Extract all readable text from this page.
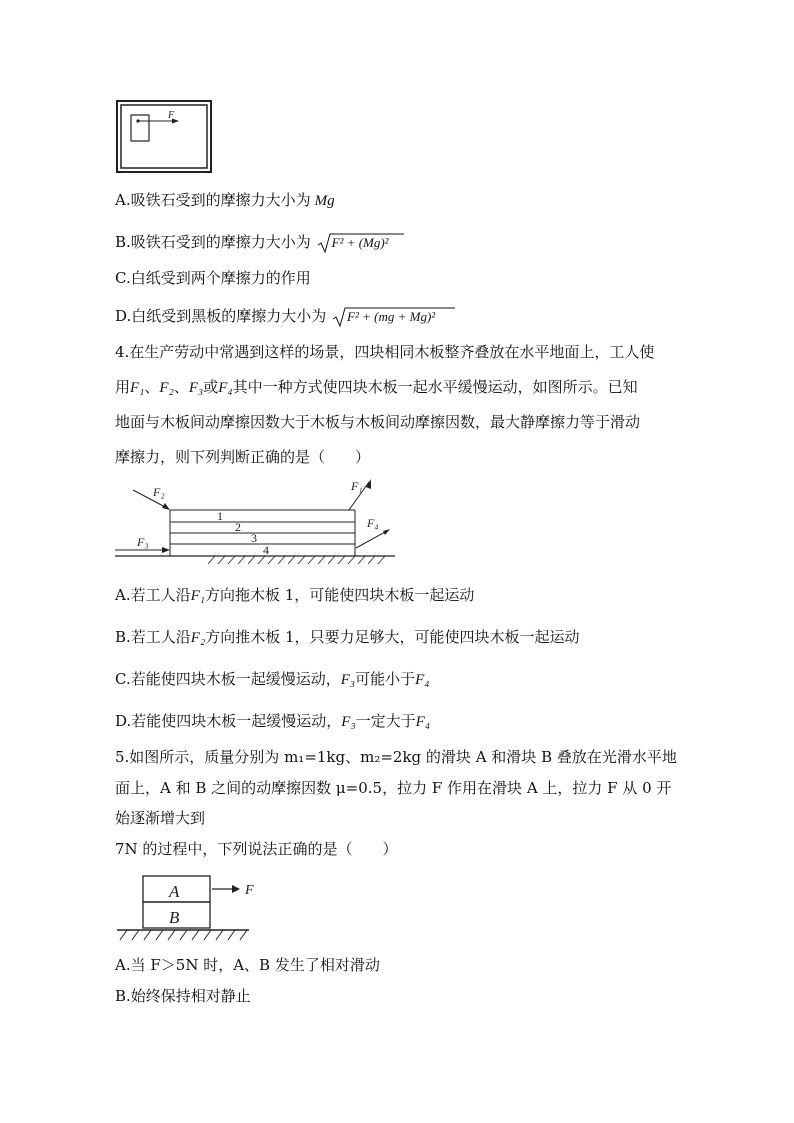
F
A.吸铁石受到的摩擦力大小为 Mg
B.吸铁石受到的摩擦力大小为 F² + (Mg)²
C.白纸受到两个摩擦力的作用
D.白纸受到黑板的摩擦力大小为 F² + (mg + Mg)²
4.在生产劳动中常遇到这样的场景，四块相同木板整齐叠放在水平地面上，工人使
用F₁、F₂、F₃或F₄其中一种方式使四块木板一起水平缓慢运动，如图所示。已知
地面与木板间动摩擦因数大于木板与木板间动摩擦因数，最大静摩擦力等于滑动
摩擦力，则下列判断正确的是（　　）
1
2
3
4
F₂	F₁
F₄
F₃
A.若工人沿F₁方向拖木板 1，可能使四块木板一起运动
B.若工人沿F₂方向推木板 1，只要力足够大，可能使四块木板一起运动
C.若能使四块木板一起缓慢运动，F₃可能小于F₄
D.若能使四块木板一起缓慢运动，F₃一定大于F₄
5.如图所示，质量分别为 m₁=1kg、m₂=2kg 的滑块 A 和滑块 B 叠放在光滑水平地
面上，A 和 B 之间的动摩擦因数 μ=0.5，拉力 F 作用在滑块 A 上，拉力 F 从 0 开
始逐渐增大到
7N 的过程中，下列说法正确的是（　　）
A
B
F
A.当 F＞5N 时，A、B 发生了相对滑动
B.始终保持相对静止
